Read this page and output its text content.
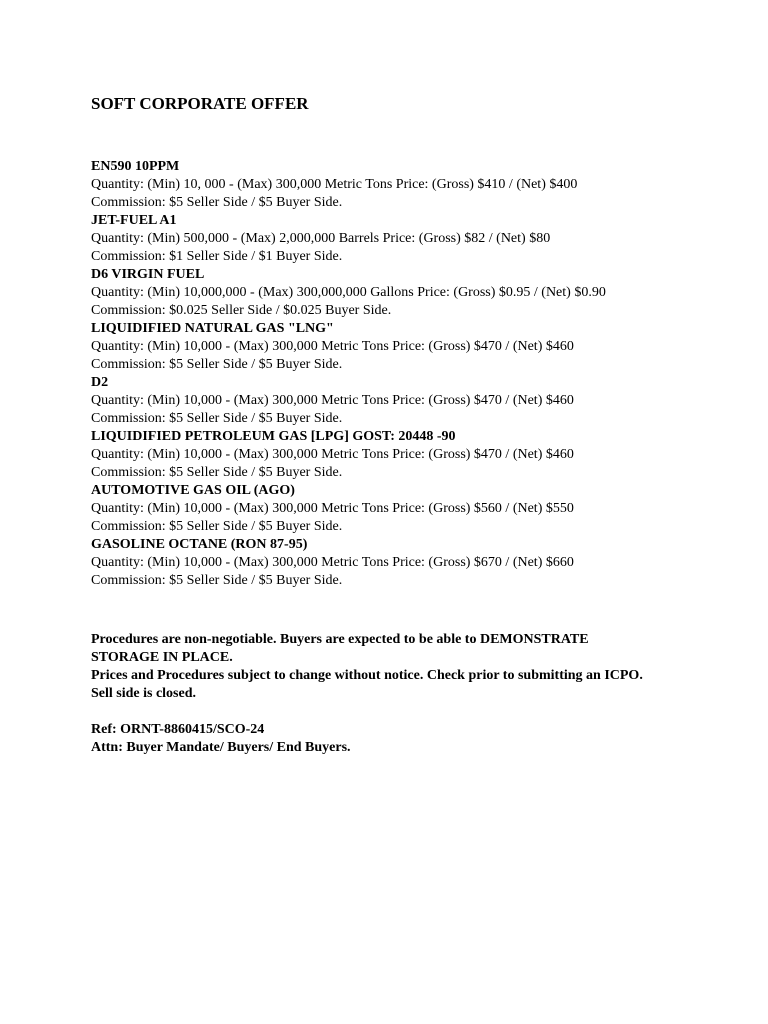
SOFT CORPORATE OFFER
EN590 10PPM
Quantity: (Min) 10, 000 - (Max) 300,000 Metric Tons Price: (Gross) $410 / (Net) $400
Commission: $5 Seller Side / $5 Buyer Side.
JET-FUEL A1
Quantity: (Min) 500,000 - (Max) 2,000,000 Barrels Price: (Gross) $82 / (Net) $80
Commission: $1 Seller Side / $1 Buyer Side.
D6 VIRGIN FUEL
Quantity: (Min) 10,000,000 - (Max) 300,000,000 Gallons Price: (Gross) $0.95 / (Net) $0.90
Commission: $0.025 Seller Side / $0.025 Buyer Side.
LIQUIDIFIED NATURAL GAS "LNG"
Quantity: (Min) 10,000 - (Max) 300,000 Metric Tons Price: (Gross) $470 / (Net) $460
Commission: $5 Seller Side / $5 Buyer Side.
D2
Quantity: (Min) 10,000 - (Max) 300,000 Metric Tons Price: (Gross) $470 / (Net) $460
Commission: $5 Seller Side / $5 Buyer Side.
LIQUIDIFIED PETROLEUM GAS [LPG] GOST: 20448 -90
Quantity: (Min) 10,000 - (Max) 300,000 Metric Tons Price: (Gross) $470 / (Net) $460
Commission: $5 Seller Side / $5 Buyer Side.
AUTOMOTIVE GAS OIL (AGO)
Quantity: (Min) 10,000 - (Max) 300,000 Metric Tons Price: (Gross) $560 / (Net) $550
Commission: $5 Seller Side / $5 Buyer Side.
GASOLINE OCTANE (RON 87-95)
Quantity: (Min) 10,000 - (Max) 300,000 Metric Tons Price: (Gross) $670 / (Net) $660
Commission: $5 Seller Side / $5 Buyer Side.
Procedures are non-negotiable. Buyers are expected to be able to DEMONSTRATE STORAGE IN PLACE.
Prices and Procedures subject to change without notice. Check prior to submitting an ICPO. Sell side is closed.
Ref: ORNT-8860415/SCO-24
Attn: Buyer Mandate/ Buyers/ End Buyers.
